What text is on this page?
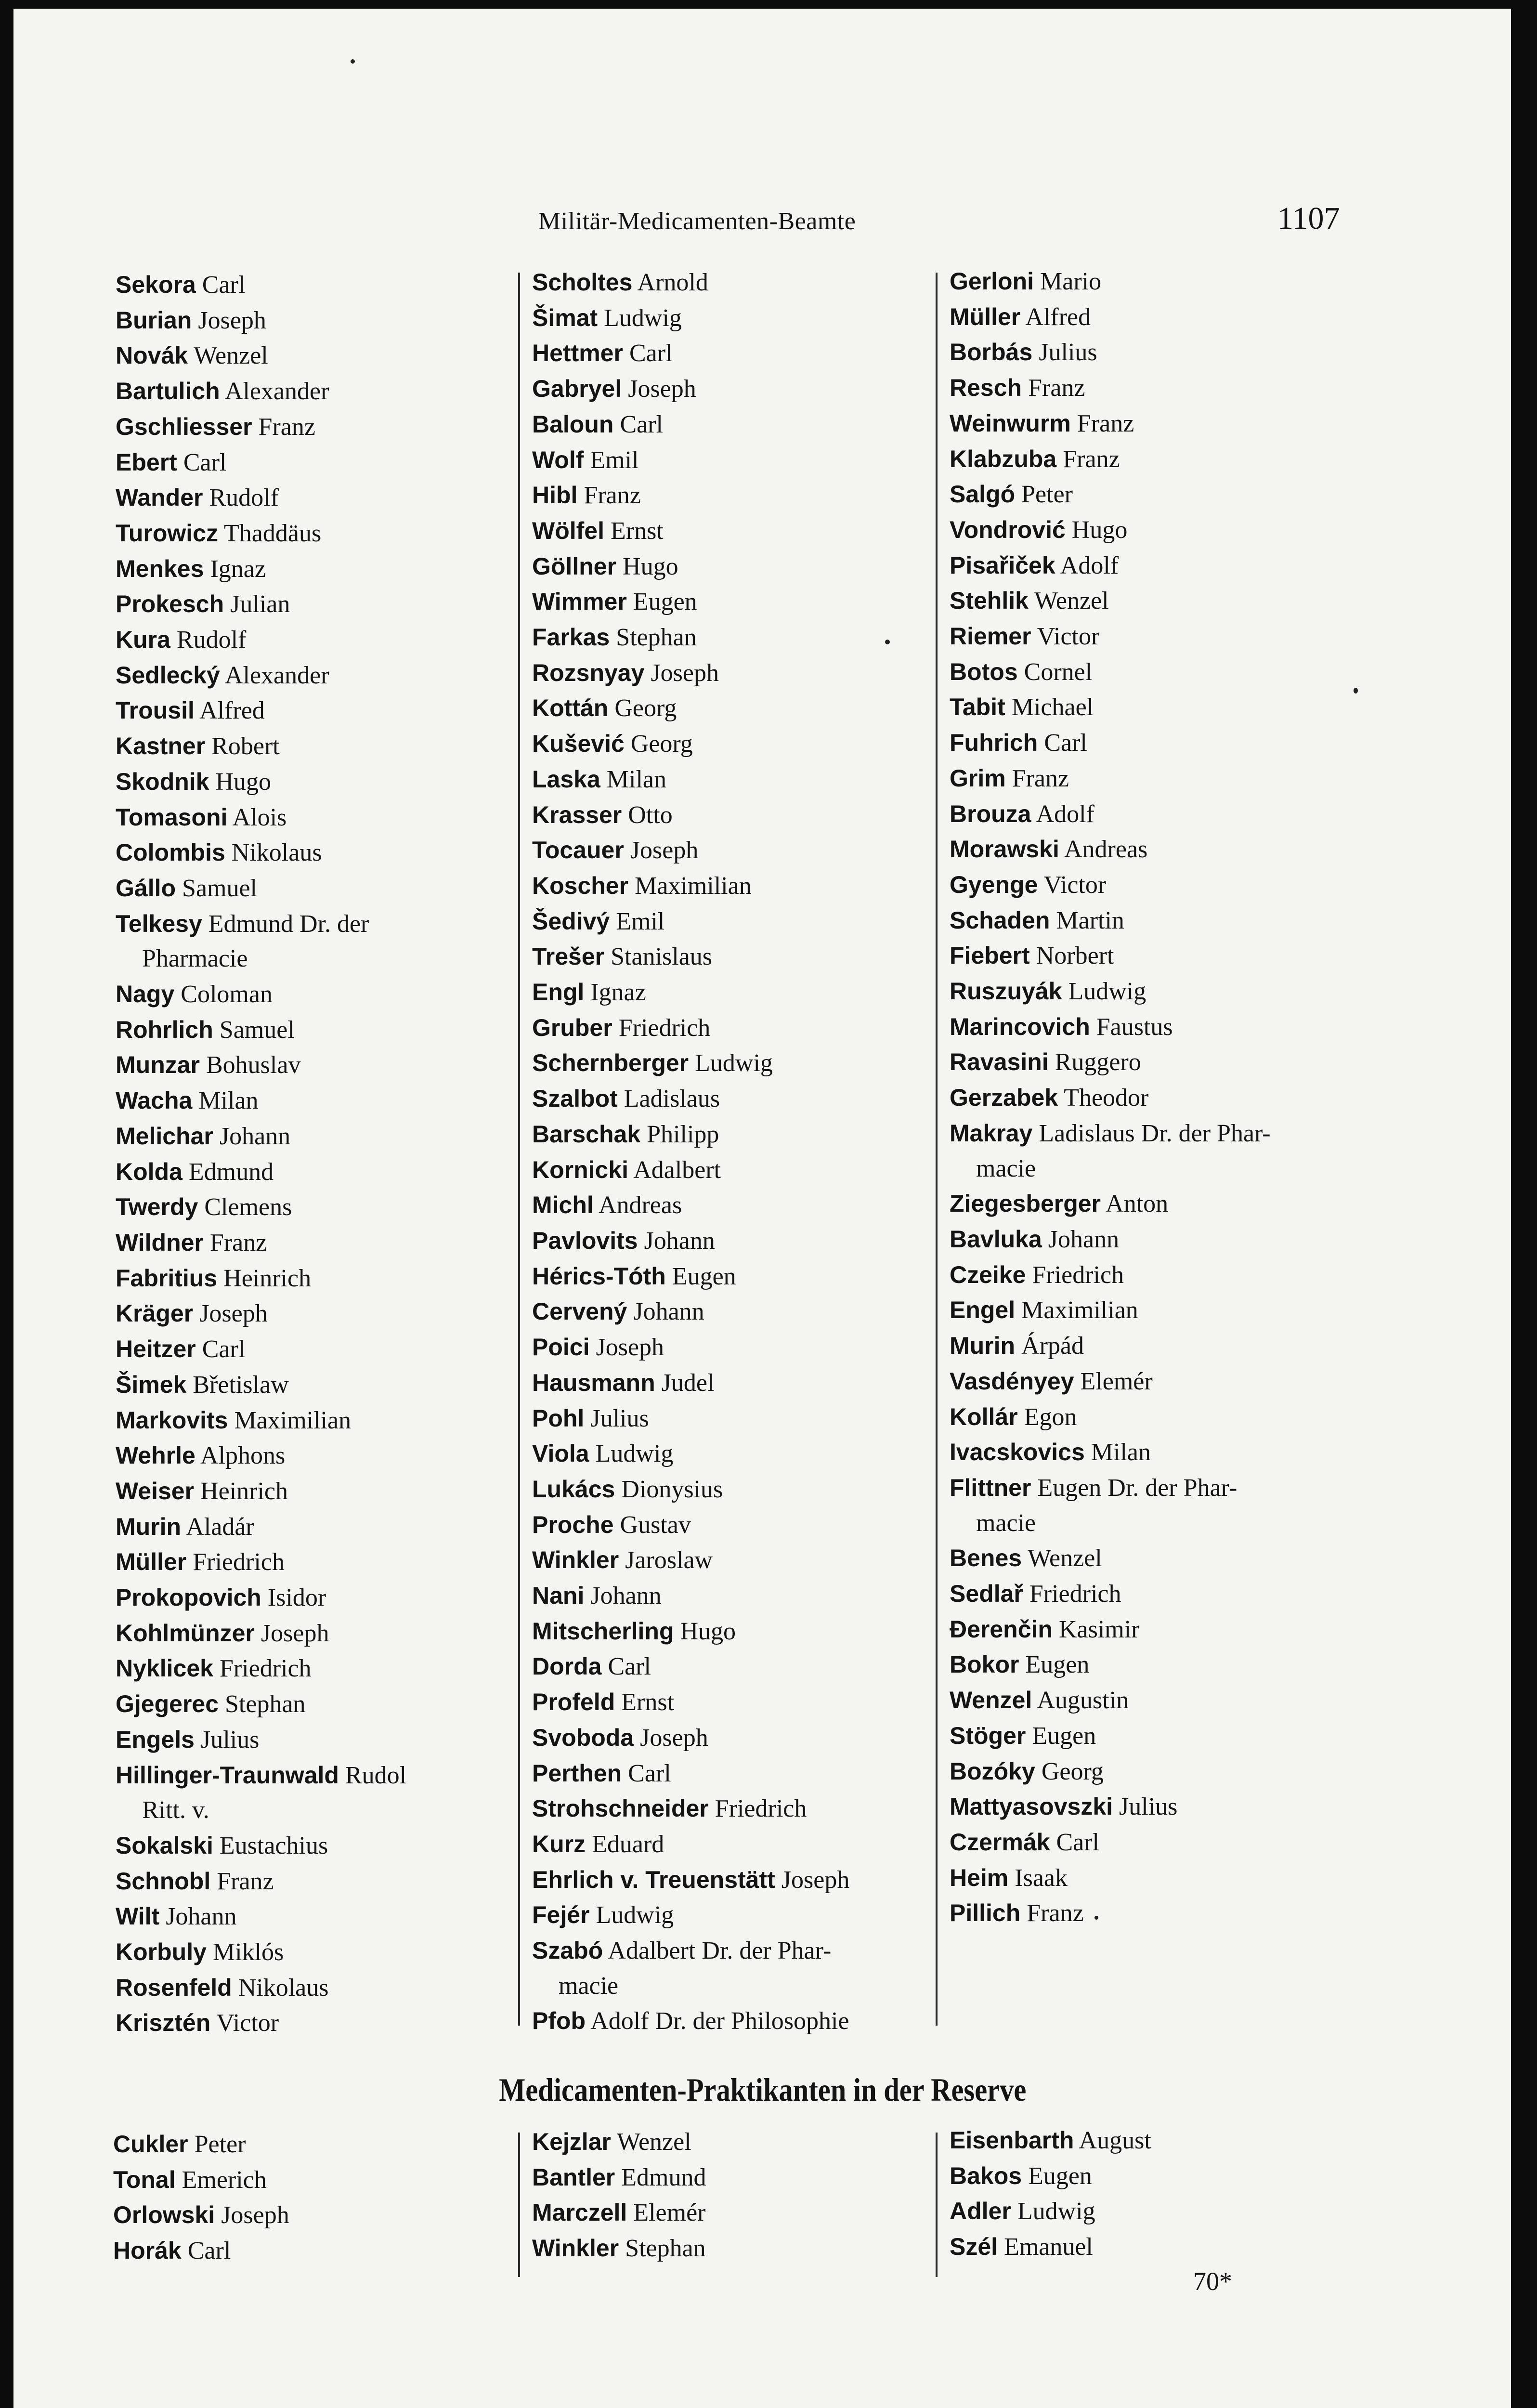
Militär-Medicamenten-Beamte	1107
Sekora Carl
Burian Joseph
Novák Wenzel
Bartulich Alexander
Gschliesser Franz
Ebert Carl
Wander Rudolf
Turowicz Thaddäus
Menkes Ignaz
Prokesch Julian
Kura Rudolf
Sedlecký Alexander
Trousil Alfred
Kastner Robert
Skodnik Hugo
Tomasoni Alois
Colombis Nikolaus
Gállo Samuel
Telkesy Edmund Dr. der
Pharmacie
Nagy Coloman
Rohrlich Samuel
Munzar Bohuslav
Wacha Milan
Melichar Johann
Kolda Edmund
Twerdy Clemens
Wildner Franz
Fabritius Heinrich
Kräger Joseph
Heitzer Carl
Šimek Břetislaw
Markovits Maximilian
Wehrle Alphons
Weiser Heinrich
Murin Aladár
Müller Friedrich
Prokopovich Isidor
Kohlmünzer Joseph
Nyklicek Friedrich
Gjegerec Stephan
Engels Julius
Hillinger-Traunwald Rudol
Ritt. v.
Sokalski Eustachius
Schnobl Franz
Wilt Johann
Korbuly Miklós
Rosenfeld Nikolaus
Krisztén Victor
Scholtes Arnold
Šimat Ludwig
Hettmer Carl
Gabryel Joseph
Baloun Carl
Wolf Emil
Hibl Franz
Wölfel Ernst
Göllner Hugo
Wimmer Eugen
Farkas Stephan
Rozsnyay Joseph
Kottán Georg
Kušević Georg
Laska Milan
Krasser Otto
Tocauer Joseph
Koscher Maximilian
Šedivý Emil
Trešer Stanislaus
Engl Ignaz
Gruber Friedrich
Schernberger Ludwig
Szalbot Ladislaus
Barschak Philipp
Kornicki Adalbert
Michl Andreas
Pavlovits Johann
Hérics-Tóth Eugen
Cervený Johann
Poici Joseph
Hausmann Judel
Pohl Julius
Viola Ludwig
Lukács Dionysius
Proche Gustav
Winkler Jaroslaw
Nani Johann
Mitscherling Hugo
Dorda Carl
Profeld Ernst
Svoboda Joseph
Perthen Carl
Strohschneider Friedrich
Kurz Eduard
Ehrlich v. Treuenstätt Joseph
Fejér Ludwig
Szabó Adalbert Dr. der Phar-
macie
Pfob Adolf Dr. der Philosophie
Gerloni Mario
Müller Alfred
Borbás Julius
Resch Franz
Weinwurm Franz
Klabzuba Franz
Salgó Peter
Vondrović Hugo
Pisařiček Adolf
Stehlik Wenzel
Riemer Victor
Botos Cornel
Tabit Michael
Fuhrich Carl
Grim Franz
Brouza Adolf
Morawski Andreas
Gyenge Victor
Schaden Martin
Fiebert Norbert
Ruszuyák Ludwig
Marincovich Faustus
Ravasini Ruggero
Gerzabek Theodor
Makray Ladislaus Dr. der Phar-
macie
Ziegesberger Anton
Bavluka Johann
Czeike Friedrich
Engel Maximilian
Murin Árpád
Vasdényey Elemér
Kollár Egon
Ivacskovics Milan
Flittner Eugen Dr. der Phar-
macie
Benes Wenzel
Sedlař Friedrich
Đerenčin Kasimir
Bokor Eugen
Wenzel Augustin
Stöger Eugen
Bozóky Georg
Mattyasovszki Julius
Czermák Carl
Heim Isaak
Pillich Franz
Medicamenten-Praktikanten in der Reserve
Cukler Peter
Tonal Emerich
Orlowski Joseph
Horák Carl
Kejzlar Wenzel
Bantler Edmund
Marczell Elemér
Winkler Stephan
Eisenbarth August
Bakos Eugen
Adler Ludwig
Szél Emanuel
70*
